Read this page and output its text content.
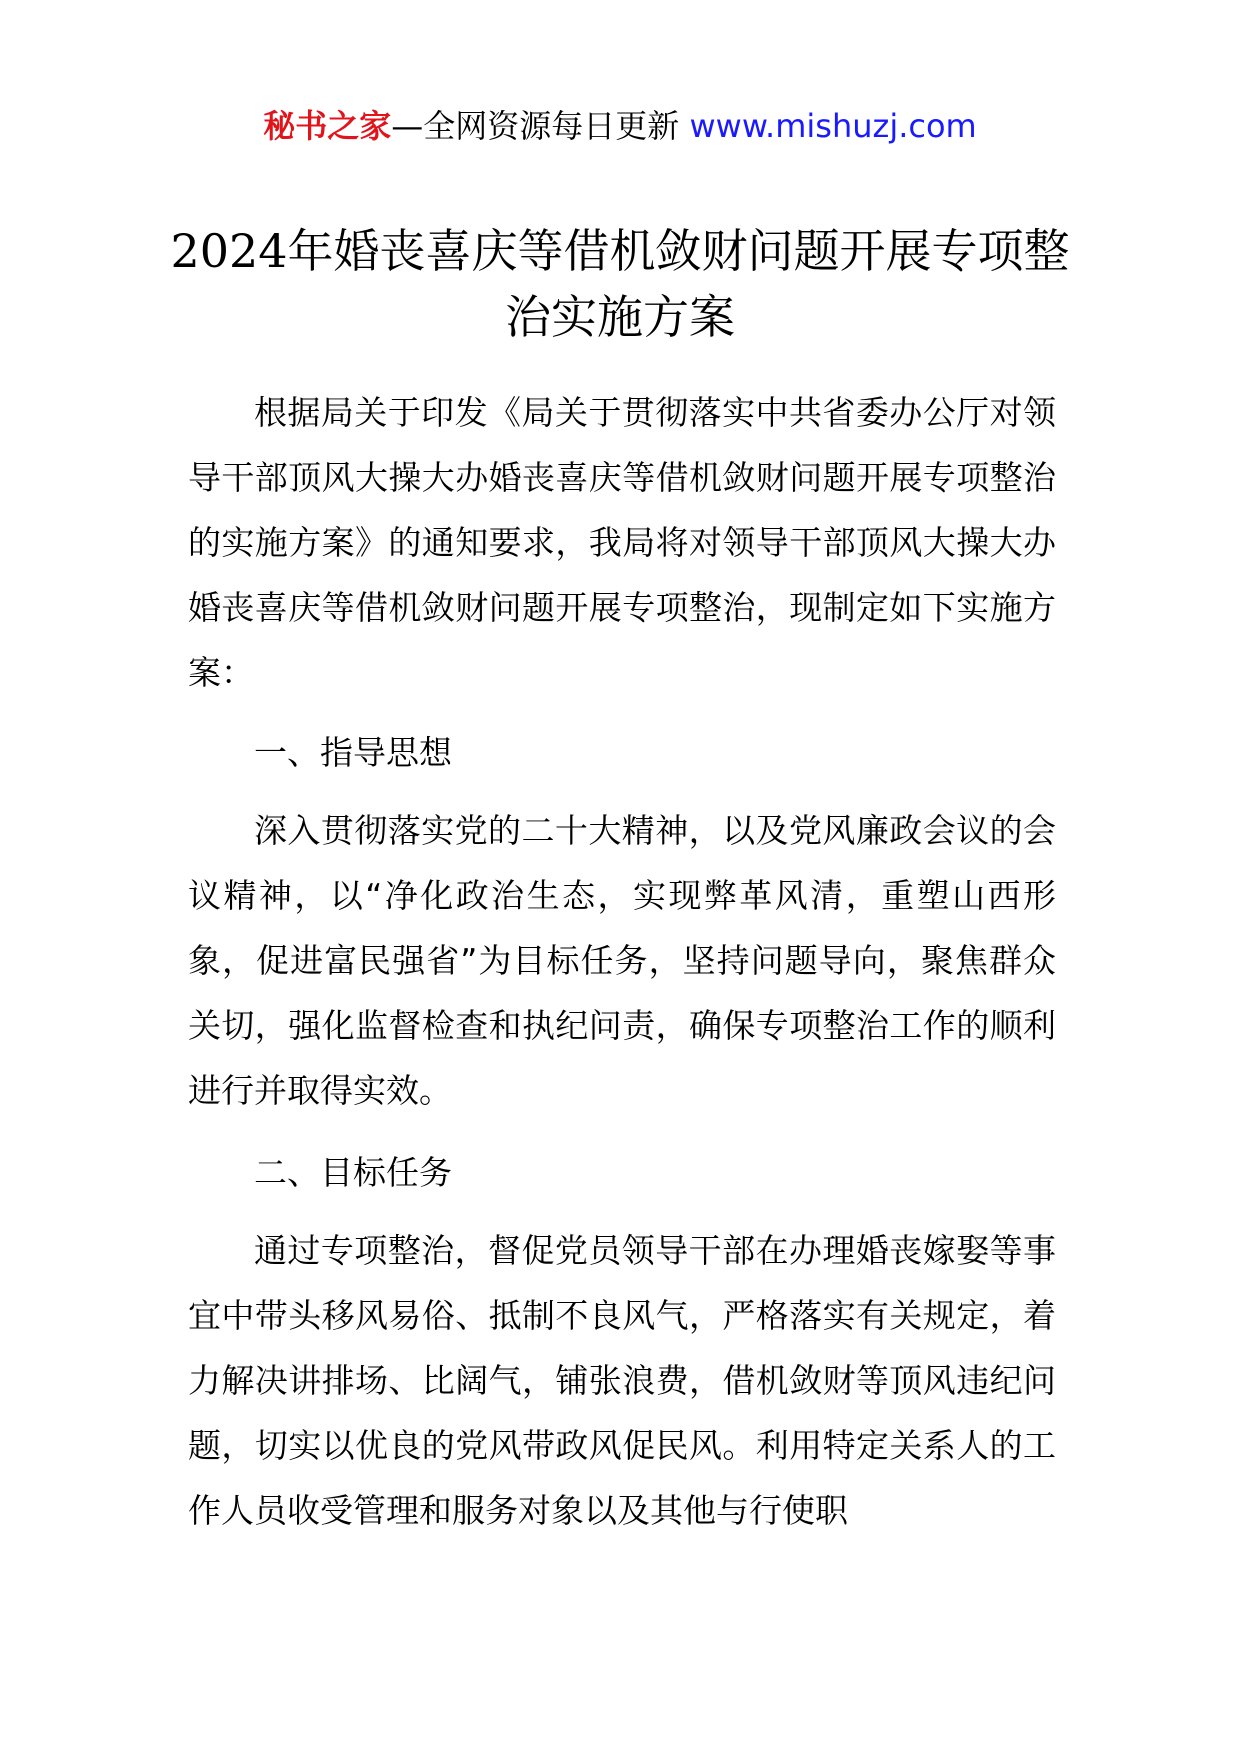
秘书之家—全网资源每日更新 www.mishuzj.com
2024年婚丧喜庆等借机敛财问题开展专项整治实施方案

根据局关于印发《局关于贯彻落实中共省委办公厅对领导干部顶风大操大办婚丧喜庆等借机敛财问题开展专项整治的实施方案》的通知要求，我局将对领导干部顶风大操大办婚丧喜庆等借机敛财问题开展专项整治，现制定如下实施方案：

一、指导思想

深入贯彻落实党的二十大精神，以及党风廉政会议的会议精神，以“净化政治生态，实现弊革风清，重塑山西形象，促进富民强省”为目标任务，坚持问题导向，聚焦群众关切，强化监督检查和执纪问责，确保专项整治工作的顺利进行并取得实效。

二、目标任务

通过专项整治，督促党员领导干部在办理婚丧嫁娶等事宜中带头移风易俗、抵制不良风气，严格落实有关规定，着力解决讲排场、比阔气，铺张浪费，借机敛财等顶风违纪问题，切实以优良的党风带政风促民风。利用特定关系人的工作人员收受管理和服务对象以及其他与行使职
